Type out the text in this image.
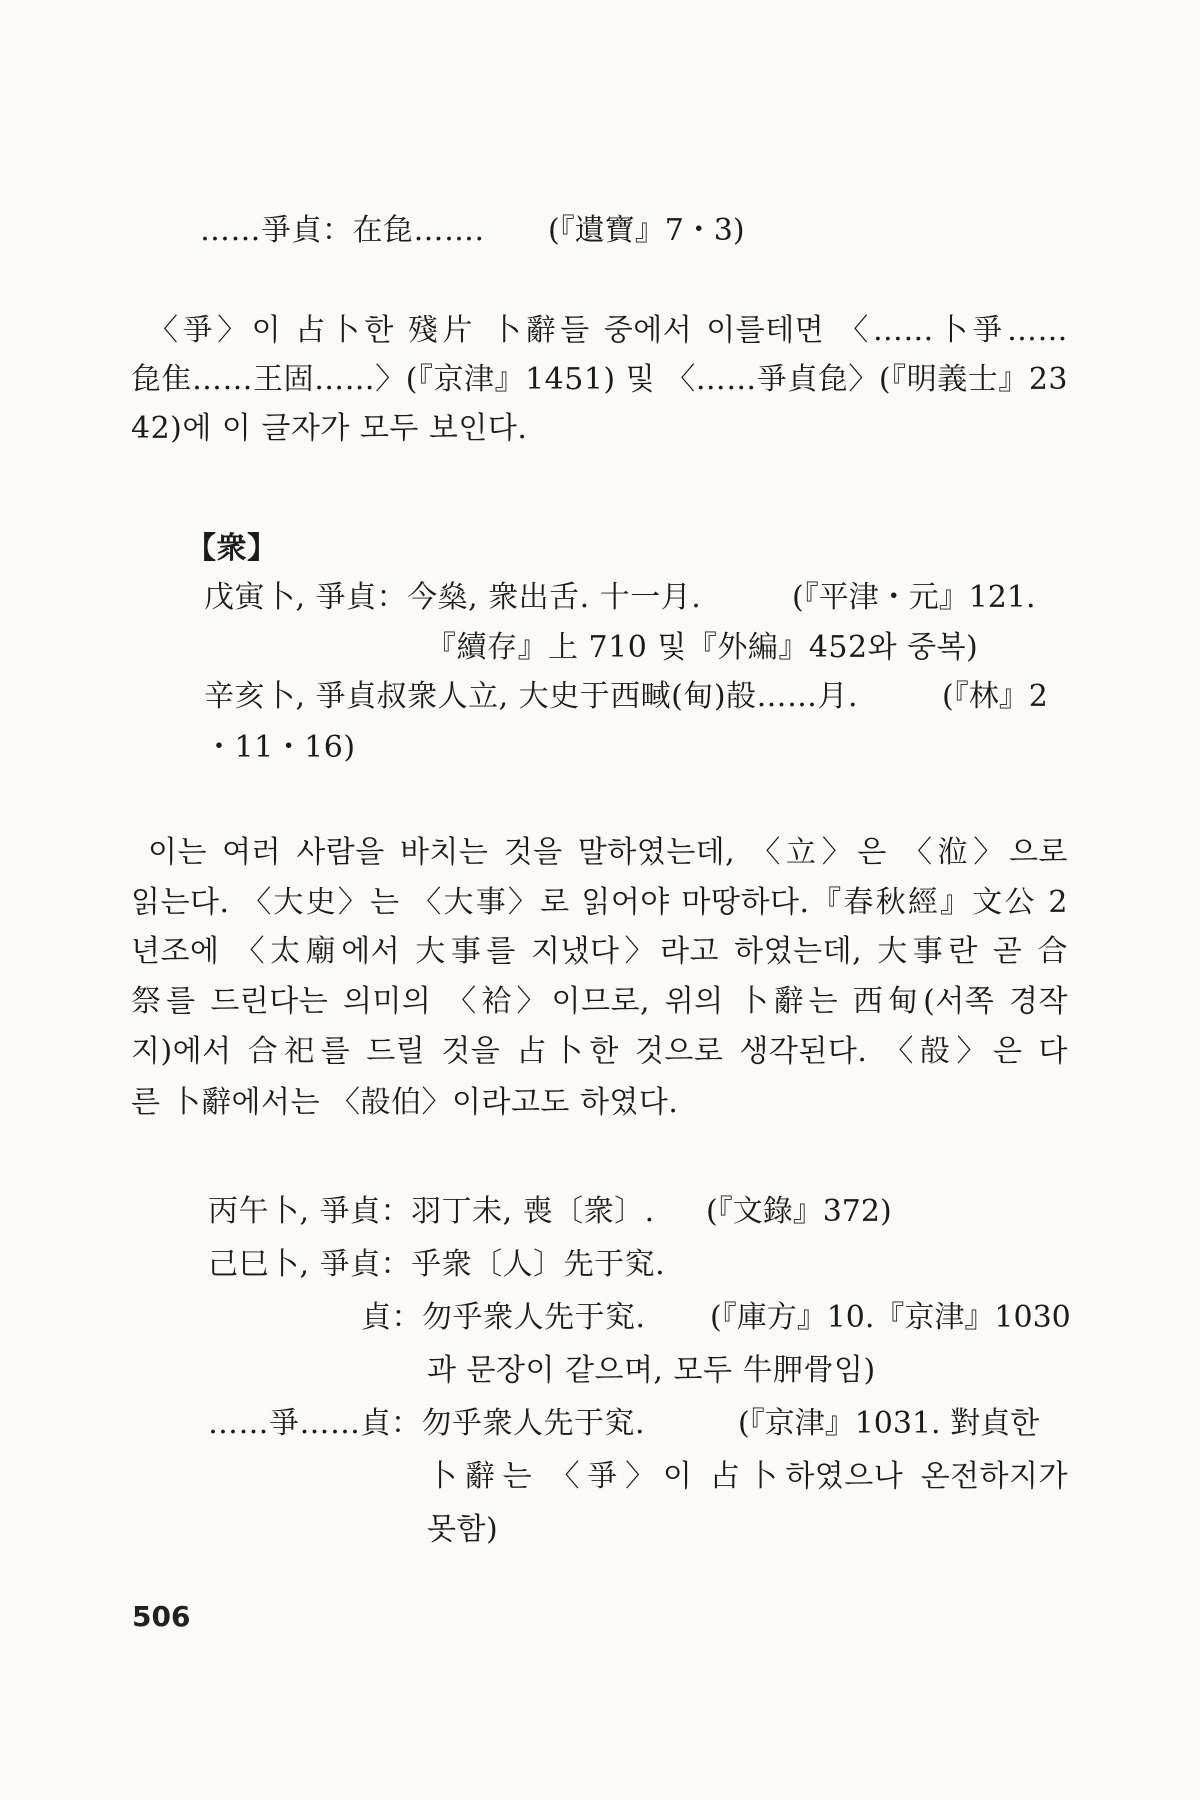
……爭貞：在㲋……. (『遺寶』7・3)
〈爭〉이 占卜한 殘片 卜辭들 중에서 이를테면 〈……卜爭……
㲋隹……王固……〉(『京津』1451) 및 〈……爭貞㲋〉(『明義士』23
42)에 이 글자가 모두 보인다.
【衆】
戊寅卜, 爭貞：今燊, 衆出舌. 十一月.	(『平津・元』121.
『續存』上 710 및『外編』452와 중복)
辛亥卜, 爭貞叔衆人立, 大史于西㽣(甸)㱿……月.	(『林』2
・11・16)
이는 여러 사람을 바치는 것을 말하였는데, 〈立〉은 〈涖〉으로
읽는다. 〈大史〉는 〈大事〉로 읽어야 마땅하다.『春秋經』文公 2
년조에 〈太廟에서 大事를 지냈다〉라고 하였는데, 大事란 곧 合
祭를 드린다는 의미의 〈袷〉이므로, 위의 卜辭는 西甸(서쪽 경작
지)에서 合祀를 드릴 것을 占卜한 것으로 생각된다. 〈㱿〉은 다
른 卜辭에서는 〈㱿伯〉이라고도 하였다.
丙午卜, 爭貞：羽丁未, 喪〔衆〕. (『文錄』372)
己巳卜, 爭貞：乎衆〔人〕先于䆒.
貞：勿乎衆人先于䆒. (『庫方』10.『京津』1030
과 문장이 같으며, 모두 牛胛骨임)
……爭……貞：勿乎衆人先于䆒.	(『京津』1031. 對貞한
卜辭는 〈爭〉이 占卜하였으나 온전하지가
못함)
506
